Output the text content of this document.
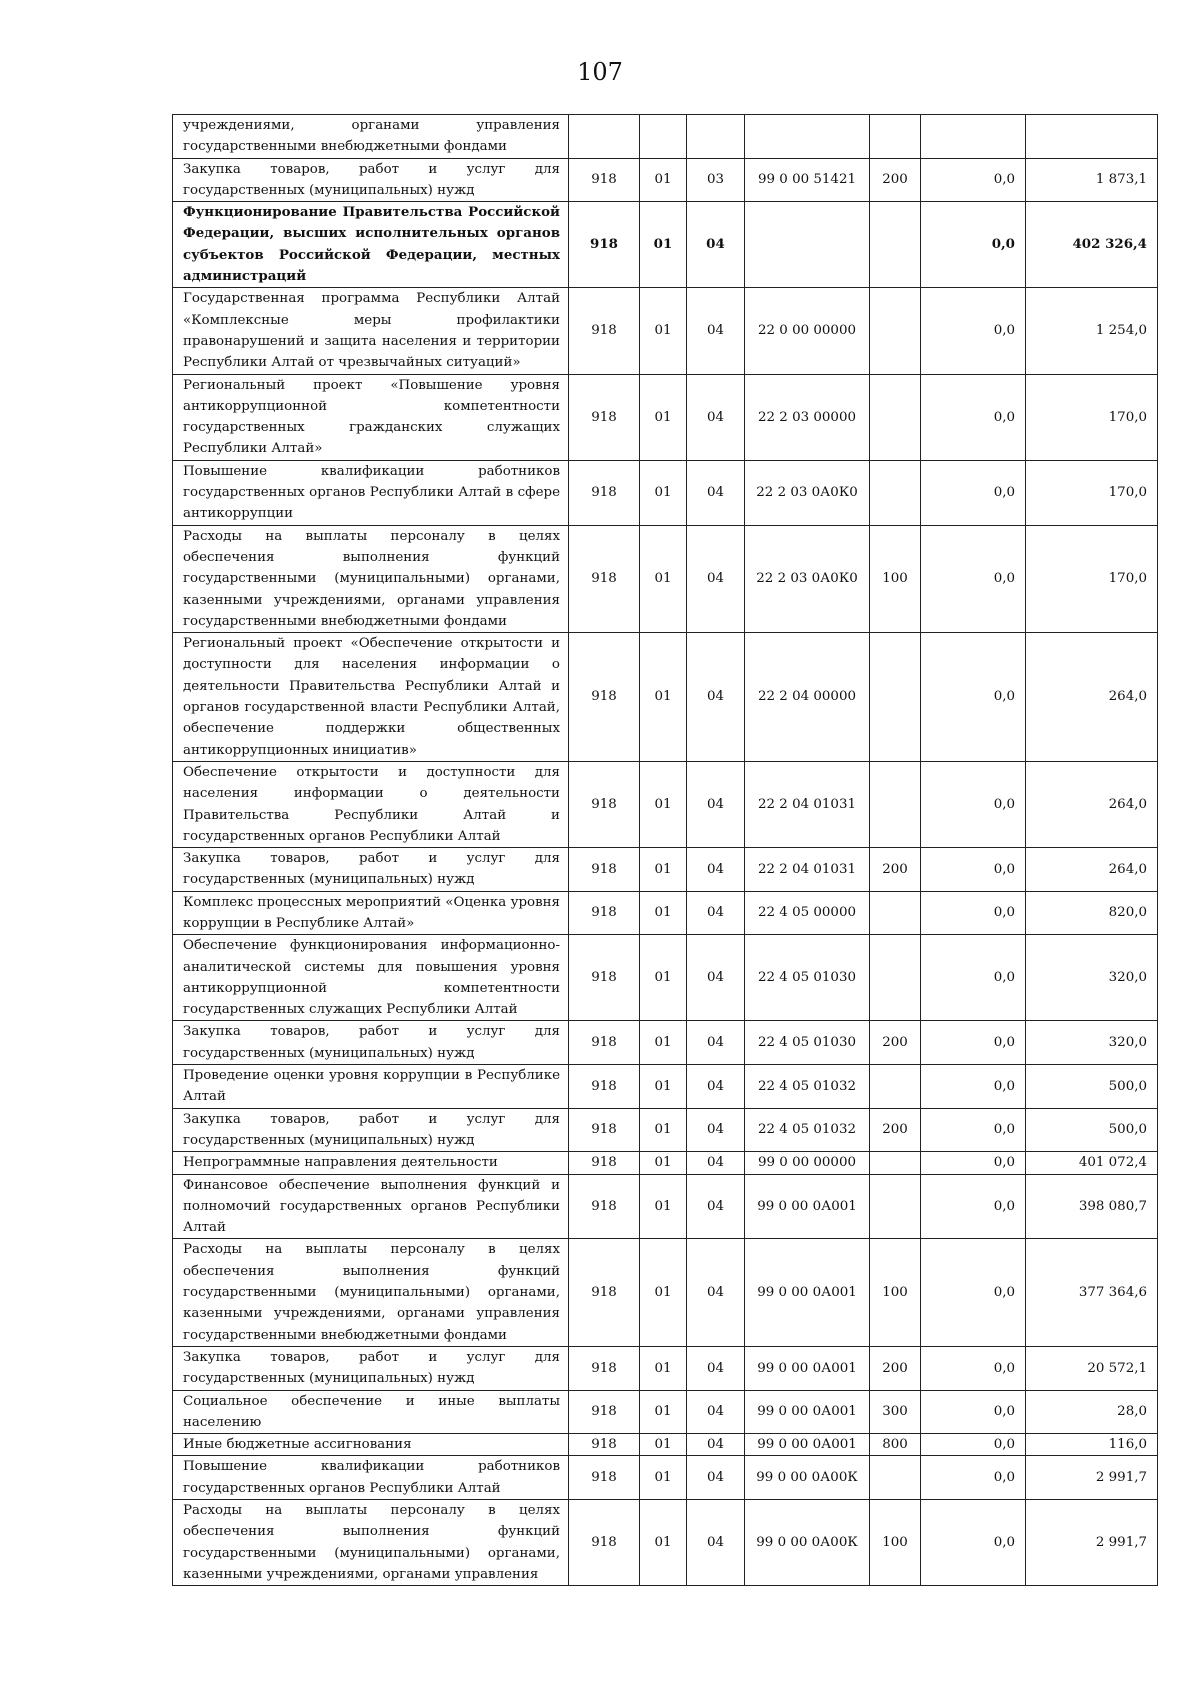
107
учреждениями, органами управления государственными внебюджетными фондами							
Закупка товаров, работ и услуг для государственных (муниципальных) нужд	918	01	03	99 0 00 51421	200	0,0	1 873,1
Функционирование Правительства Российской Федерации, высших исполнительных органов субъектов Российской Федерации, местных администраций	918	01	04			0,0	402 326,4
Государственная программа Республики Алтай «Комплексные меры профилактики правонарушений и защита населения и территории Республики Алтай от чрезвычайных ситуаций»	918	01	04	22 0 00 00000		0,0	1 254,0
Региональный проект «Повышение уровня антикоррупционной компетентности государственных гражданских служащих Республики Алтай»	918	01	04	22 2 03 00000		0,0	170,0
Повышение квалификации работников государственных органов Республики Алтай в сфере антикоррупции	918	01	04	22 2 03 0А0К0		0,0	170,0
Расходы на выплаты персоналу в целях обеспечения выполнения функций государственными (муниципальными) органами, казенными учреждениями, органами управления государственными внебюджетными фондами	918	01	04	22 2 03 0А0К0	100	0,0	170,0
Региональный проект «Обеспечение открытости и доступности для населения информации о деятельности Правительства Республики Алтай и органов государственной власти Республики Алтай, обеспечение поддержки общественных антикоррупционных инициатив»	918	01	04	22 2 04 00000		0,0	264,0
Обеспечение открытости и доступности для населения информации о деятельности Правительства Республики Алтай и государственных органов Республики Алтай	918	01	04	22 2 04 01031		0,0	264,0
Закупка товаров, работ и услуг для государственных (муниципальных) нужд	918	01	04	22 2 04 01031	200	0,0	264,0
Комплекс процессных мероприятий «Оценка уровня коррупции в Республике Алтай»	918	01	04	22 4 05 00000		0,0	820,0
Обеспечение функционирования информационно-аналитической системы для повышения уровня антикоррупционной компетентности государственных служащих Республики Алтай	918	01	04	22 4 05 01030		0,0	320,0
Закупка товаров, работ и услуг для государственных (муниципальных) нужд	918	01	04	22 4 05 01030	200	0,0	320,0
Проведение оценки уровня коррупции в Республике Алтай	918	01	04	22 4 05 01032		0,0	500,0
Закупка товаров, работ и услуг для государственных (муниципальных) нужд	918	01	04	22 4 05 01032	200	0,0	500,0
Непрограммные направления деятельности	918	01	04	99 0 00 00000		0,0	401 072,4
Финансовое обеспечение выполнения функций и полномочий государственных органов Республики Алтай	918	01	04	99 0 00 0А001		0,0	398 080,7
Расходы на выплаты персоналу в целях обеспечения выполнения функций государственными (муниципальными) органами, казенными учреждениями, органами управления государственными внебюджетными фондами	918	01	04	99 0 00 0А001	100	0,0	377 364,6
Закупка товаров, работ и услуг для государственных (муниципальных) нужд	918	01	04	99 0 00 0А001	200	0,0	20 572,1
Социальное обеспечение и иные выплаты населению	918	01	04	99 0 00 0А001	300	0,0	28,0
Иные бюджетные ассигнования	918	01	04	99 0 00 0А001	800	0,0	116,0
Повышение квалификации работников государственных органов Республики Алтай	918	01	04	99 0 00 0А00К		0,0	2 991,7
Расходы на выплаты персоналу в целях обеспечения выполнения функций государственными (муниципальными) органами, казенными учреждениями, органами управления	918	01	04	99 0 00 0А00К	100	0,0	2 991,7
